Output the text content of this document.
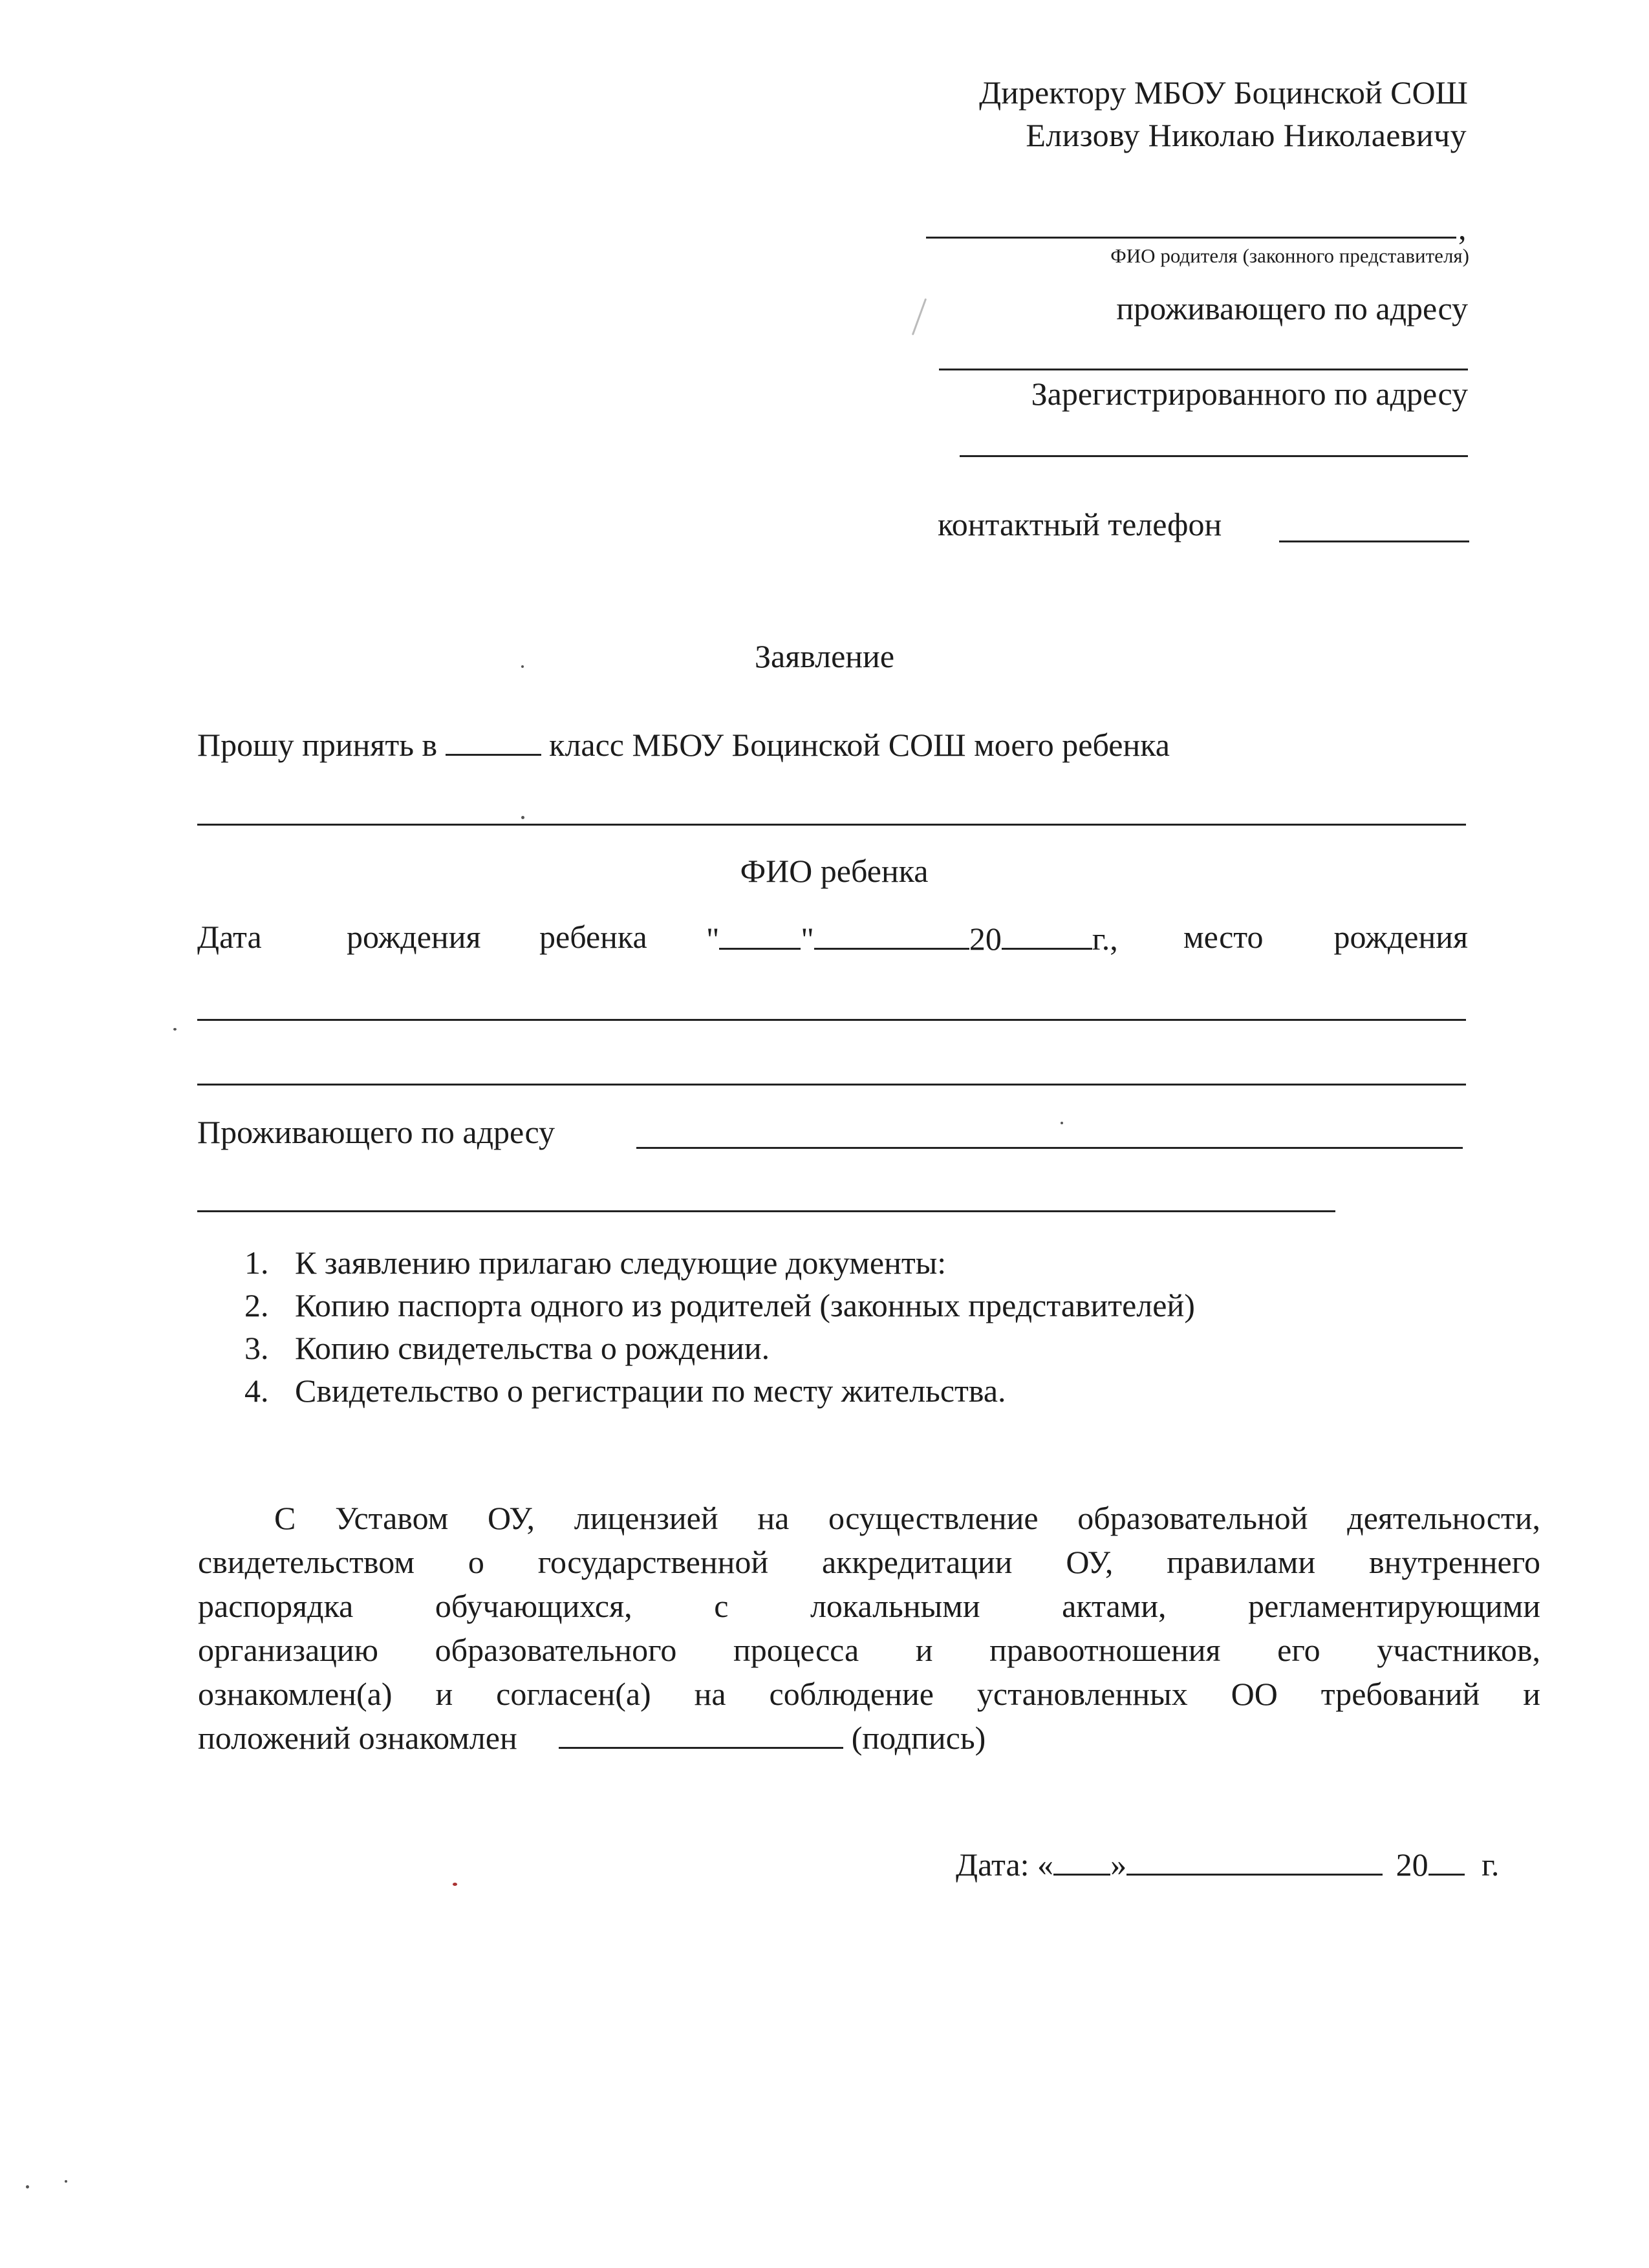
Директору МБОУ Боцинской СОШ
Елизову Николаю Николаевичу
,
ФИО родителя (законного представителя)
проживающего по адресу
Зарегистрированного по адресу
контактный телефон
Заявление
Прошу принять в	класс МБОУ Боцинской СОШ моего ребенка
ФИО ребенка
Дата	рождения ребенка "	"	20	г., место	рождения
Проживающего по адресу
1. К заявлению прилагаю следующие документы:
2. Копию паспорта одного из родителей (законных представителей)
3. Копию свидетельства о рождении.
4. Свидетельство о регистрации по месту жительства.
С Уставом ОУ, лицензией на осуществление образовательной деятельности,
свидетельством о государственной аккредитации ОУ, правилами внутреннего
распорядка обучающихся, с локальными актами, регламентирующими
организацию образовательного процесса и правоотношения его участников,
ознакомлен(а) и согласен(а) на соблюдение установленных ОО требований и
положений ознакомлен	(подпись)
Дата: « »	20 г.
